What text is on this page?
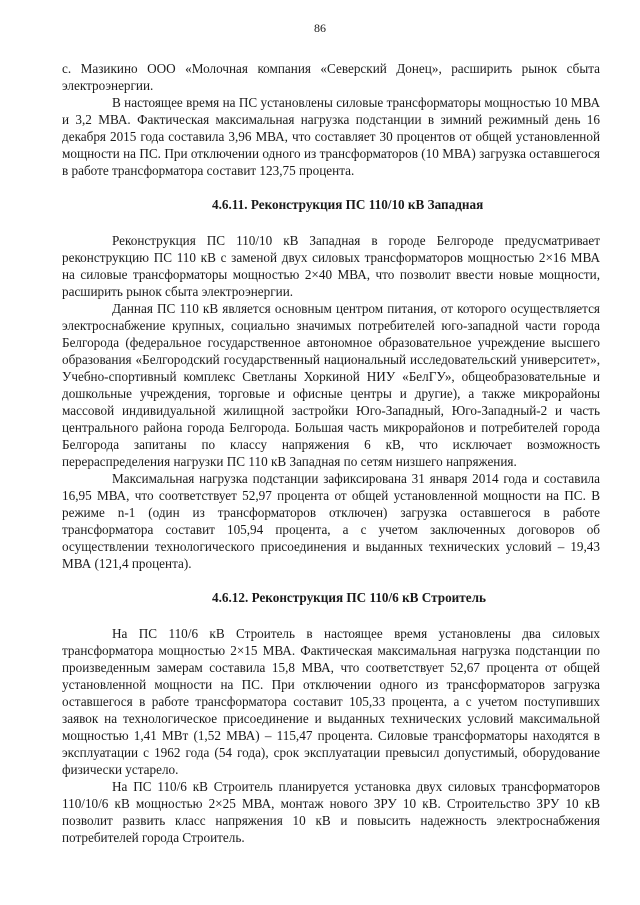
86

с. Мазикино ООО «Молочная компания «Северский Донец», расширить рынок сбыта электроэнергии.

В настоящее время на ПС установлены силовые трансформаторы мощностью 10 МВА и 3,2 МВА. Фактическая максимальная нагрузка подстанции в зимний режимный день 16 декабря 2015 года составила 3,96 МВА, что составляет 30 процентов от общей установленной мощности на ПС. При отключении одного из трансформаторов (10 МВА) загрузка оставшегося в работе трансформатора составит 123,75 процента.

4.6.11. Реконструкция ПС 110/10 кВ Западная

Реконструкция ПС 110/10 кВ Западная в городе Белгороде предусматривает реконструкцию ПС 110 кВ с заменой двух силовых трансформаторов мощностью 2×16 МВА на силовые трансформаторы мощностью 2×40 МВА, что позволит ввести новые мощности, расширить рынок сбыта электроэнергии.

Данная ПС 110 кВ является основным центром питания, от которого осуществляется электроснабжение крупных, социально значимых потребителей юго-западной части города Белгорода (федеральное государственное автономное образовательное учреждение высшего образования «Белгородский государственный национальный исследовательский университет», Учебно-спортивный комплекс Светланы Хоркиной НИУ «БелГУ», общеобразовательные и дошкольные учреждения, торговые и офисные центры и другие), а также микрорайоны массовой индивидуальной жилищной застройки Юго-Западный, Юго-Западный-2 и часть центрального района города Белгорода. Большая часть микрорайонов и потребителей города Белгорода запитаны по классу напряжения 6 кВ, что исключает возможность перераспределения нагрузки ПС 110 кВ Западная по сетям низшего напряжения.

Максимальная нагрузка подстанции зафиксирована 31 января 2014 года и составила 16,95 МВА, что соответствует 52,97 процента от общей установленной мощности на ПС. В режиме n-1 (один из трансформаторов отключен) загрузка оставшегося в работе трансформатора составит 105,94 процента, а с учетом заключенных договоров об осуществлении технологического присоединения и выданных технических условий – 19,43 МВА (121,4 процента).

4.6.12. Реконструкция ПС 110/6 кВ Строитель

На ПС 110/6 кВ Строитель в настоящее время установлены два силовых трансформатора мощностью 2×15 МВА. Фактическая максимальная нагрузка подстанции по произведенным замерам составила 15,8 МВА, что соответствует 52,67 процента от общей установленной мощности на ПС. При отключении одного из трансформаторов загрузка оставшегося в работе трансформатора составит 105,33 процента, а с учетом поступивших заявок на технологическое присоединение и выданных технических условий максимальной мощностью 1,41 МВт (1,52 МВА) – 115,47 процента. Силовые трансформаторы находятся в эксплуатации с 1962 года (54 года), срок эксплуатации превысил допустимый, оборудование физически устарело.

На ПС 110/6 кВ Строитель планируется установка двух силовых трансформаторов 110/10/6 кВ мощностью 2×25 МВА, монтаж нового ЗРУ 10 кВ. Строительство ЗРУ 10 кВ позволит развить класс напряжения 10 кВ и повысить надежность электроснабжения потребителей города Строитель.
